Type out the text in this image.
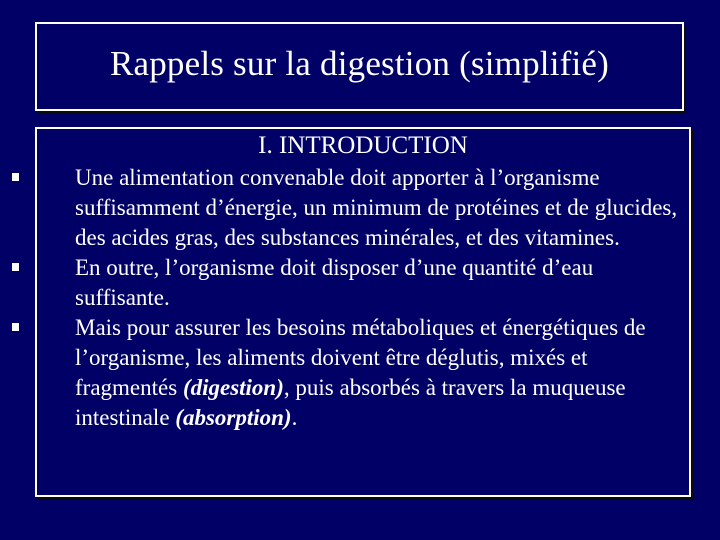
Rappels sur la digestion (simplifié)
I. INTRODUCTION
Une alimentation convenable doit apporter à l’organisme suffisamment d’énergie, un minimum de protéines et de glucides, des acides gras, des substances minérales, et des vitamines.
En outre, l’organisme doit disposer d’une quantité d’eau suffisante.
Mais pour assurer les besoins métaboliques et énergétiques de l’organisme, les aliments doivent être déglutis, mixés et fragmentés (digestion), puis absorbés à travers la muqueuse intestinale (absorption).
